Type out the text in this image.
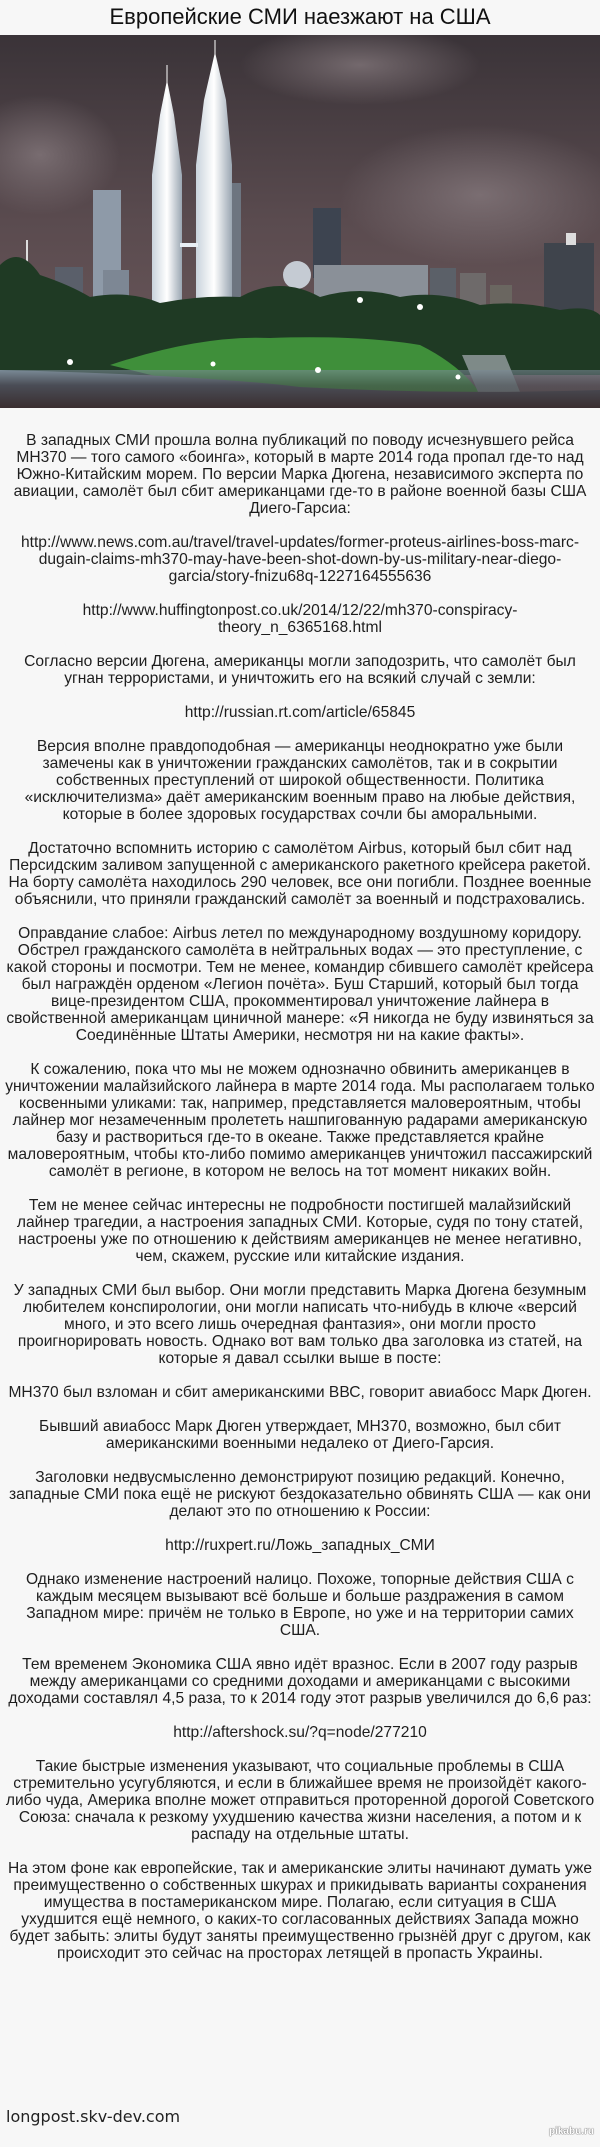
Европейские СМИ наезжают на США

В западных СМИ прошла волна публикаций по поводу исчезнувшего рейса MH370 — того самого «боинга», который в марте 2014 года пропал где-то над Южно-Китайским морем. По версии Марка Дюгена, независимого эксперта по авиации, самолёт был сбит американцами где-то в районе военной базы США Диего-Гарсиа:

http://www.news.com.au/travel/travel-updates/former-proteus-airlines-boss-marc-dugain-claims-mh370-may-have-been-shot-down-by-us-military-near-diego-garcia/story-fnizu68q-1227164555636

http://www.huffingtonpost.co.uk/2014/12/22/mh370-conspiracy-theory_n_6365168.html

Согласно версии Дюгена, американцы могли заподозрить, что самолёт был угнан террористами, и уничтожить его на всякий случай с земли:

http://russian.rt.com/article/65845

Версия вполне правдоподобная — американцы неоднократно уже были замечены как в уничтожении гражданских самолётов, так и в сокрытии собственных преступлений от широкой общественности. Политика «исключителизма» даёт американским военным право на любые действия, которые в более здоровых государствах сочли бы аморальными.

Достаточно вспомнить историю с самолётом Airbus, который был сбит над Персидским заливом запущенной с американского ракетного крейсера ракетой. На борту самолёта находилось 290 человек, все они погибли. Позднее военные объяснили, что приняли гражданский самолёт за военный и подстраховались.

Оправдание слабое: Airbus летел по международному воздушному коридору. Обстрел гражданского самолёта в нейтральных водах — это преступление, с какой стороны и посмотри. Тем не менее, командир сбившего самолёт крейсера был награждён орденом «Легион почёта». Буш Старший, который был тогда вице-президентом США, прокомментировал уничтожение лайнера в свойственной американцам циничной манере: «Я никогда не буду извиняться за Соединённые Штаты Америки, несмотря ни на какие факты».

К сожалению, пока что мы не можем однозначно обвинить американцев в уничтожении малайзийского лайнера в марте 2014 года. Мы располагаем только косвенными уликами: так, например, представляется маловероятным, чтобы лайнер мог незамеченным пролететь нашпигованную радарами американскую базу и раствориться где-то в океане. Также представляется крайне маловероятным, чтобы кто-либо помимо американцев уничтожил пассажирский самолёт в регионе, в котором не велось на тот момент никаких войн.

Тем не менее сейчас интересны не подробности постигшей малайзийский лайнер трагедии, а настроения западных СМИ. Которые, судя по тону статей, настроены уже по отношению к действиям американцев не менее негативно, чем, скажем, русские или китайские издания.

У западных СМИ был выбор. Они могли представить Марка Дюгена безумным любителем конспирологии, они могли написать что-нибудь в ключе «версий много, и это всего лишь очередная фантазия», они могли просто проигнорировать новость. Однако вот вам только два заголовка из статей, на которые я давал ссылки выше в посте:

MH370 был взломан и сбит американскими ВВС, говорит авиабосс Марк Дюген.

Бывший авиабосс Марк Дюген утверждает, MH370, возможно, был сбит американскими военными недалеко от Диего-Гарсия.

Заголовки недвусмысленно демонстрируют позицию редакций. Конечно, западные СМИ пока ещё не рискуют бездоказательно обвинять США — как они делают это по отношению к России:

http://ruxpert.ru/Ложь_западных_СМИ

Однако изменение настроений налицо. Похоже, топорные действия США с каждым месяцем вызывают всё больше и больше раздражения в самом Западном мире: причём не только в Европе, но уже и на территории самих США.

Тем временем Экономика США явно идёт вразнос. Если в 2007 году разрыв между американцами со средними доходами и американцами с высокими доходами составлял 4,5 раза, то к 2014 году этот разрыв увеличился до 6,6 раз:

http://aftershock.su/?q=node/277210

Такие быстрые изменения указывают, что социальные проблемы в США стремительно усугубляются, и если в ближайшее время не произойдёт какого-либо чуда, Америка вполне может отправиться проторенной дорогой Советского Союза: сначала к резкому ухудшению качества жизни населения, а потом и к распаду на отдельные штаты.

На этом фоне как европейские, так и американские элиты начинают думать уже преимущественно о собственных шкурах и прикидывать варианты сохранения имущества в постамериканском мире. Полагаю, если ситуация в США ухудшится ещё немного, о каких-то согласованных действиях Запада можно будет забыть: элиты будут заняты преимущественно грызнёй друг с другом, как происходит это сейчас на просторах летящей в пропасть Украины.

longpost.skv-dev.com
pikabu.ru
